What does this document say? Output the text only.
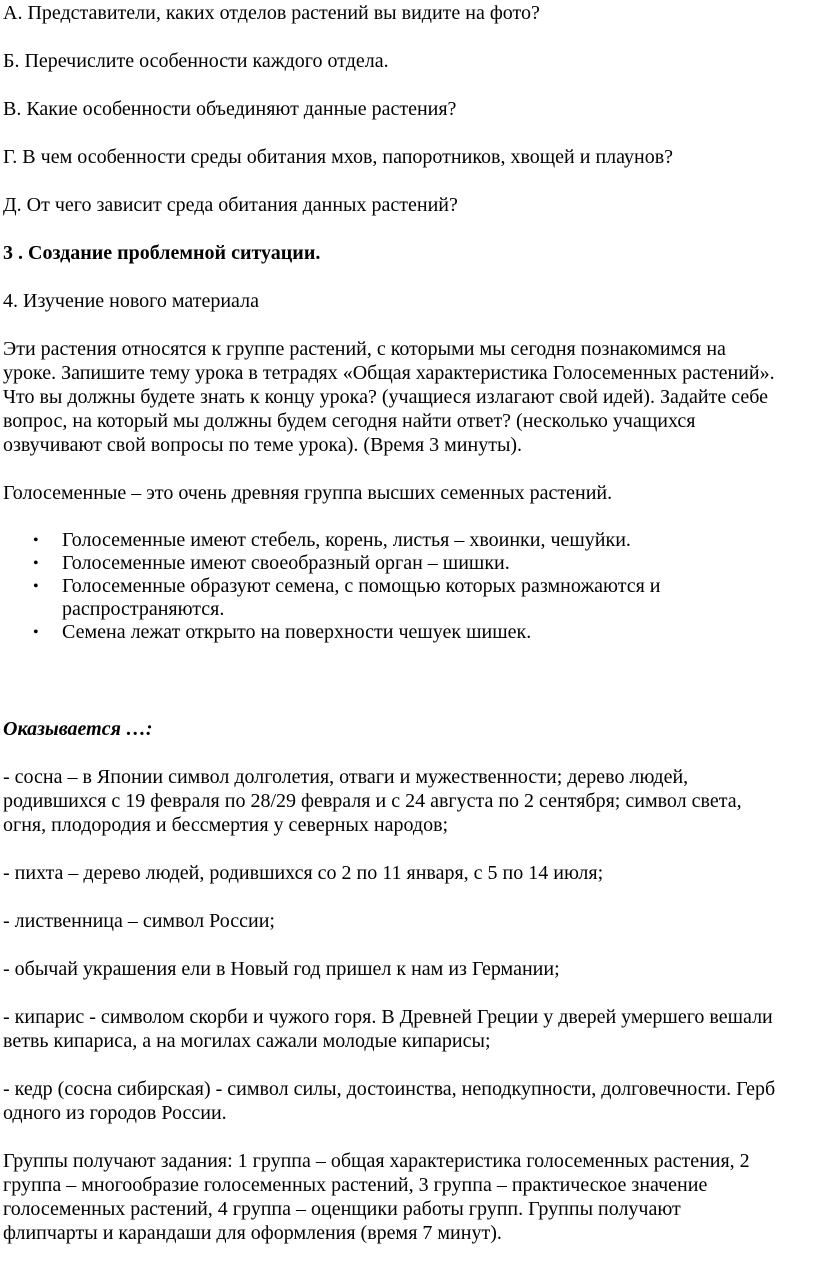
А. Представители, каких отделов растений вы видите на фото?

Б. Перечислите особенности каждого отдела.

В. Какие особенности объединяют данные растения?

Г. В чем особенности среды обитания мхов, папоротников, хвощей и плаунов?

Д. От чего зависит среда обитания данных растений?

3 . Создание проблемной ситуации.

4. Изучение нового материала

Эти растения относятся к группе растений, с которыми мы сегодня познакомимся на
уроке. Запишите тему урока в тетрадях «Общая характеристика Голосеменных растений».
Что вы должны будете знать к концу урока? (учащиеся излагают свой идей). Задайте себе
вопрос, на который мы должны будем сегодня найти ответ? (несколько учащихся
озвучивают свой вопросы по теме урока). (Время 3 минуты).

Голосеменные – это очень древняя группа высших семенных растений.

• Голосеменные имеют стебель, корень, листья – хвоинки, чешуйки.
• Голосеменные имеют своеобразный орган – шишки.
• Голосеменные образуют семена, с помощью которых размножаются и
распространяются.
• Семена лежат открыто на поверхности чешуек шишек.

Оказывается …:

- сосна – в Японии символ долголетия, отваги и мужественности; дерево людей,
родившихся с 19 февраля по 28/29 февраля и с 24 августа по 2 сентября; символ света,
огня, плодородия и бессмертия у северных народов;

- пихта – дерево людей, родившихся со 2 по 11 января, с 5 по 14 июля;

- лиственница – символ России;

- обычай украшения ели в Новый год пришел к нам из Германии;

- кипарис - символом скорби и чужого горя. В Древней Греции у дверей умершего вешали
ветвь кипариса, а на могилах сажали молодые кипарисы;

- кедр (сосна сибирская) - символ силы, достоинства, неподкупности, долговечности. Герб
одного из городов России.

Группы получают задания: 1 группа – общая характеристика голосеменных растения, 2
группа – многообразие голосеменных растений, 3 группа – практическое значение
голосеменных растений, 4 группа – оценщики работы групп. Группы получают
флипчарты и карандаши для оформления (время 7 минут).
